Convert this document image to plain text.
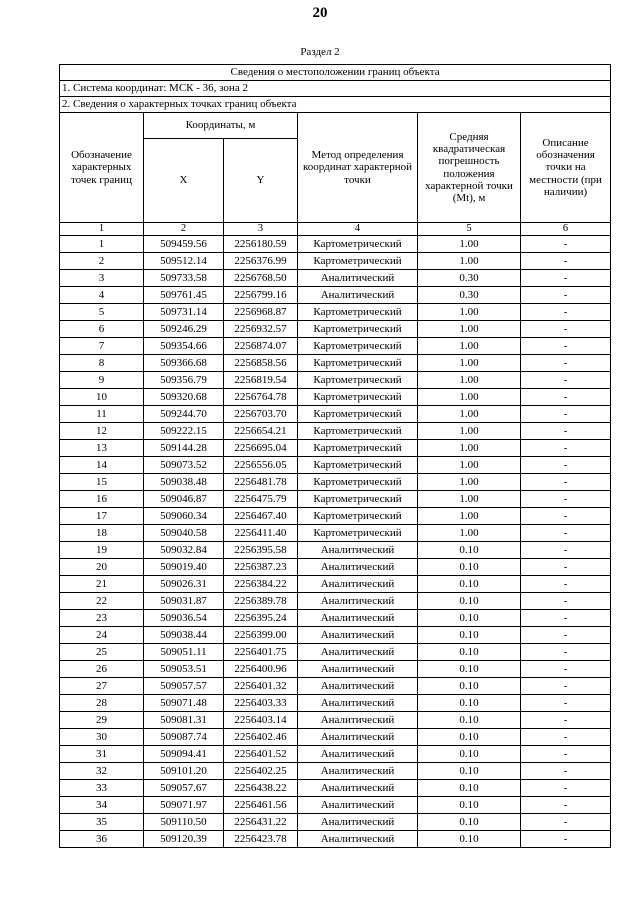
20
Раздел 2
Сведения о местоположении границ объекта					
1. Система координат: МСК - 36, зона 2					
2. Сведения о характерных точках границ объекта					
Обозначение характерных точек границ	Координаты, м		Метод определения координат характерной точки	Средняя квадратическая погрешность положения характерной точки (Mt), м	Описание обозначения точки на местности (при наличии)
	X	Y			
1	2	3	4	5	6
1	509459.56	2256180.59	Картометрический	1.00	-
2	509512.14	2256376.99	Картометрический	1.00	-
3	509733.58	2256768.50	Аналитический	0.30	-
4	509761.45	2256799.16	Аналитический	0.30	-
5	509731.14	2256968.87	Картометрический	1.00	-
6	509246.29	2256932.57	Картометрический	1.00	-
7	509354.66	2256874.07	Картометрический	1.00	-
8	509366.68	2256858.56	Картометрический	1.00	-
9	509356.79	2256819.54	Картометрический	1.00	-
10	509320.68	2256764.78	Картометрический	1.00	-
11	509244.70	2256703.70	Картометрический	1.00	-
12	509222.15	2256654.21	Картометрический	1.00	-
13	509144.28	2256695.04	Картометрический	1.00	-
14	509073.52	2256556.05	Картометрический	1.00	-
15	509038.48	2256481.78	Картометрический	1.00	-
16	509046.87	2256475.79	Картометрический	1.00	-
17	509060.34	2256467.40	Картометрический	1.00	-
18	509040.58	2256411.40	Картометрический	1.00	-
19	509032.84	2256395.58	Аналитический	0.10	-
20	509019.40	2256387.23	Аналитический	0.10	-
21	509026.31	2256384.22	Аналитический	0.10	-
22	509031.87	2256389.78	Аналитический	0.10	-
23	509036.54	2256395.24	Аналитический	0.10	-
24	509038.44	2256399.00	Аналитический	0.10	-
25	509051.11	2256401.75	Аналитический	0.10	-
26	509053.51	2256400.96	Аналитический	0.10	-
27	509057.57	2256401.32	Аналитический	0.10	-
28	509071.48	2256403.33	Аналитический	0.10	-
29	509081.31	2256403.14	Аналитический	0.10	-
30	509087.74	2256402.46	Аналитический	0.10	-
31	509094.41	2256401.52	Аналитический	0.10	-
32	509101.20	2256402.25	Аналитический	0.10	-
33	509057.67	2256438.22	Аналитический	0.10	-
34	509071.97	2256461.56	Аналитический	0.10	-
35	509110.50	2256431.22	Аналитический	0.10	-
36	509120.39	2256423.78	Аналитический	0.10	-
